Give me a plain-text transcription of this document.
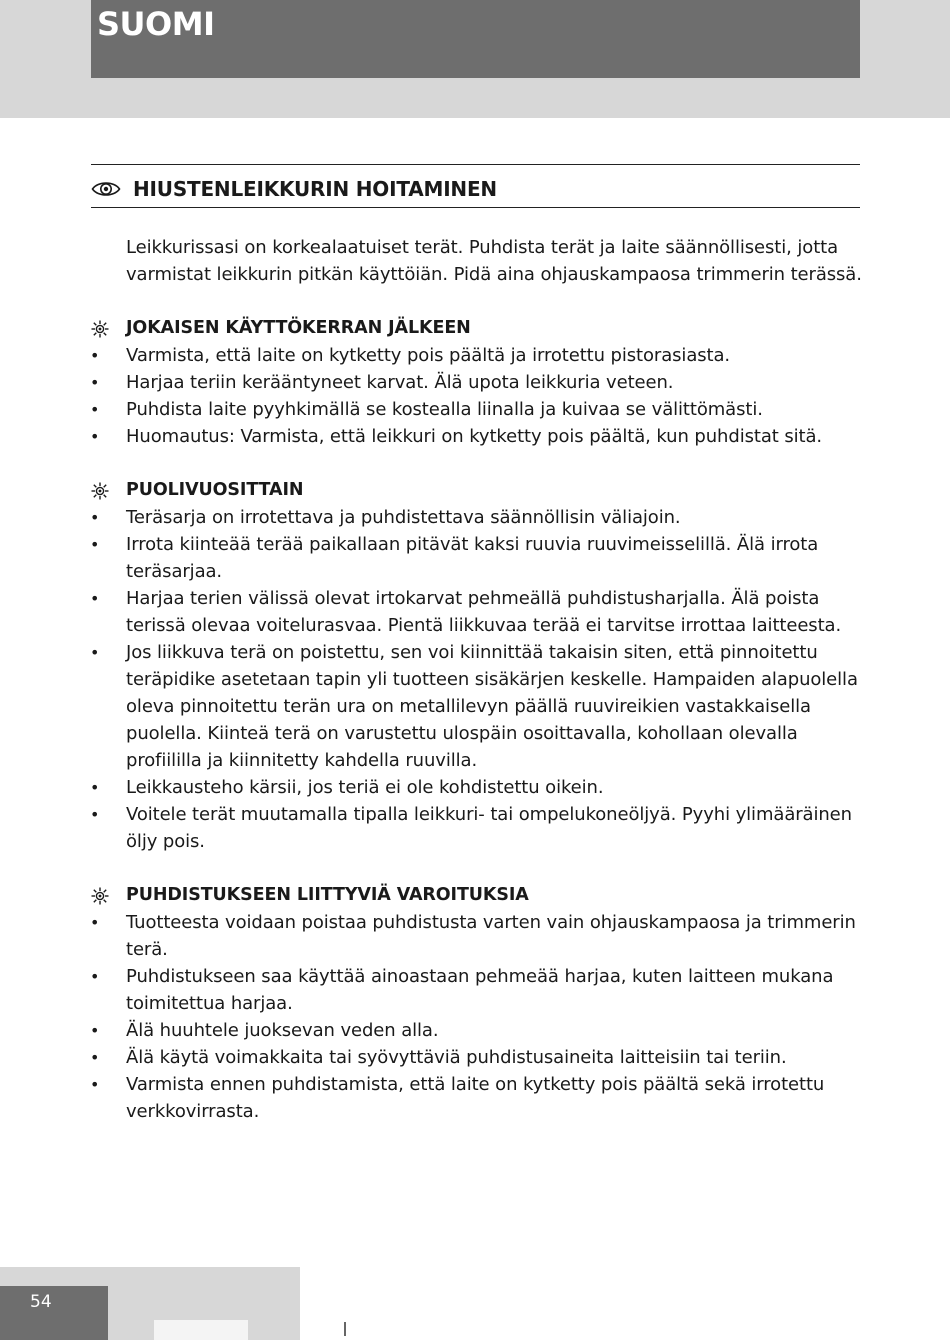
SUOMI
HIUSTENLEIKKURIN HOITAMINEN

Leikkurissasi on korkealaatuiset terät. Puhdista terät ja laite säännöllisesti, jotta varmistat leikkurin pitkän käyttöiän. Pidä aina ohjauskampaosa trimmerin terässä.

JOKAISEN KÄYTTÖKERRAN JÄLKEEN
• Varmista, että laite on kytketty pois päältä ja irrotettu pistorasiasta.
• Harjaa teriin kerääntyneet karvat. Älä upota leikkuria veteen.
• Puhdista laite pyyhkimällä se kostealla liinalla ja kuivaa se välittömästi.
• Huomautus: Varmista, että leikkuri on kytketty pois päältä, kun puhdistat sitä.
PUOLIVUOSITTAIN
• Teräsarja on irrotettava ja puhdistettava säännöllisin väliajoin.
• Irrota kiinteää terää paikallaan pitävät kaksi ruuvia ruuvimeisselillä. Älä irrota teräsarjaa.
• Harjaa terien välissä olevat irtokarvat pehmeällä puhdistusharjalla. Älä poista terissä olevaa voitelurasvaa. Pientä liikkuvaa terää ei tarvitse irrottaa laitteesta.
• Jos liikkuva terä on poistettu, sen voi kiinnittää takaisin siten, että pinnoitettu teräpidike asetetaan tapin yli tuotteen sisäkärjen keskelle. Hampaiden alapuolella oleva pinnoitettu terän ura on metallilevyn päällä ruuvireikien vastakkaisella puolella. Kiinteä terä on varustettu ulospäin osoittavalla, kohollaan olevalla profiililla ja kiinnitetty kahdella ruuvilla.
• Leikkausteho kärsii, jos teriä ei ole kohdistettu oikein.
• Voitele terät muutamalla tipalla leikkuri- tai ompelukoneöljyä. Pyyhi ylimääräinen öljy pois.
PUHDISTUKSEEN LIITTYVIÄ VAROITUKSIA
• Tuotteesta voidaan poistaa puhdistusta varten vain ohjauskampaosa ja trimmerin terä.
• Puhdistukseen saa käyttää ainoastaan pehmeää harjaa, kuten laitteen mukana toimitettua harjaa.
• Älä huuhtele juoksevan veden alla.
• Älä käytä voimakkaita tai syövyttäviä puhdistusaineita laitteisiin tai teriin.
• Varmista ennen puhdistamista, että laite on kytketty pois päältä sekä irrotettu verkkovirrasta.
54
